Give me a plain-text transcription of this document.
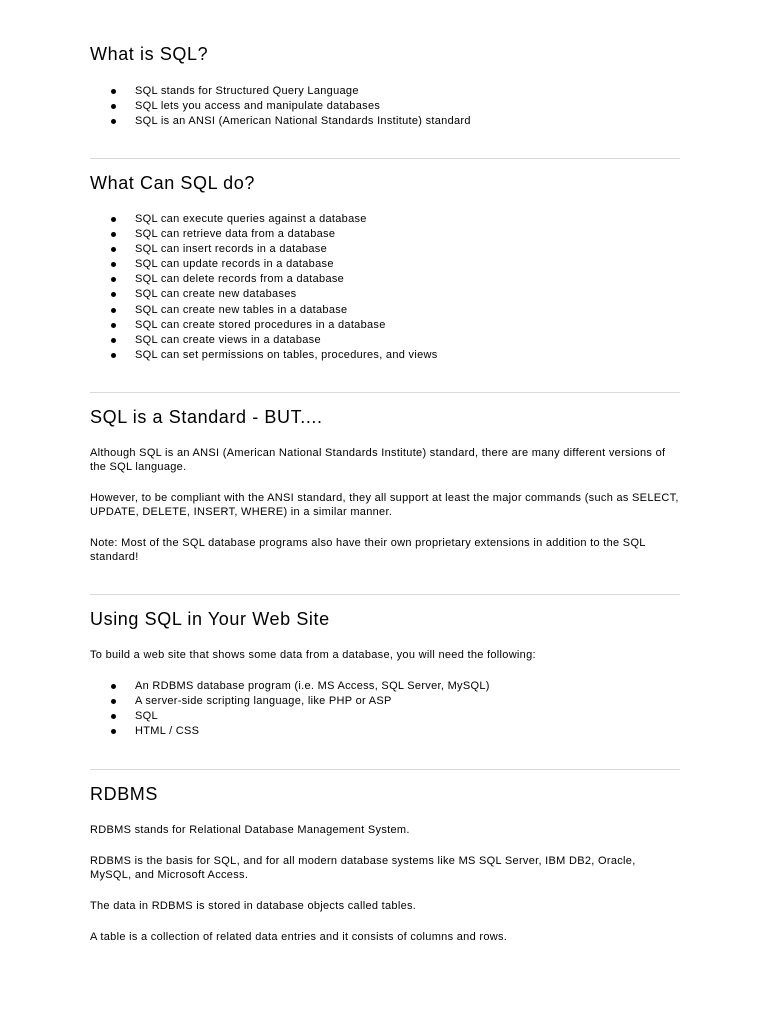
What is SQL?
SQL stands for Structured Query Language
SQL lets you access and manipulate databases
SQL is an ANSI (American National Standards Institute) standard
What Can SQL do?
SQL can execute queries against a database
SQL can retrieve data from a database
SQL can insert records in a database
SQL can update records in a database
SQL can delete records from a database
SQL can create new databases
SQL can create new tables in a database
SQL can create stored procedures in a database
SQL can create views in a database
SQL can set permissions on tables, procedures, and views
SQL is a Standard - BUT....

Although SQL is an ANSI (American National Standards Institute) standard, there are many different versions of the SQL language.

However, to be compliant with the ANSI standard, they all support at least the major commands (such as SELECT, UPDATE, DELETE, INSERT, WHERE) in a similar manner.

Note: Most of the SQL database programs also have their own proprietary extensions in addition to the SQL standard!

Using SQL in Your Web Site

To build a web site that shows some data from a database, you will need the following:

An RDBMS database program (i.e. MS Access, SQL Server, MySQL)
A server-side scripting language, like PHP or ASP
SQL
HTML / CSS
RDBMS

RDBMS stands for Relational Database Management System.

RDBMS is the basis for SQL, and for all modern database systems like MS SQL Server, IBM DB2, Oracle, MySQL, and Microsoft Access.

The data in RDBMS is stored in database objects called tables.

A table is a collection of related data entries and it consists of columns and rows.
